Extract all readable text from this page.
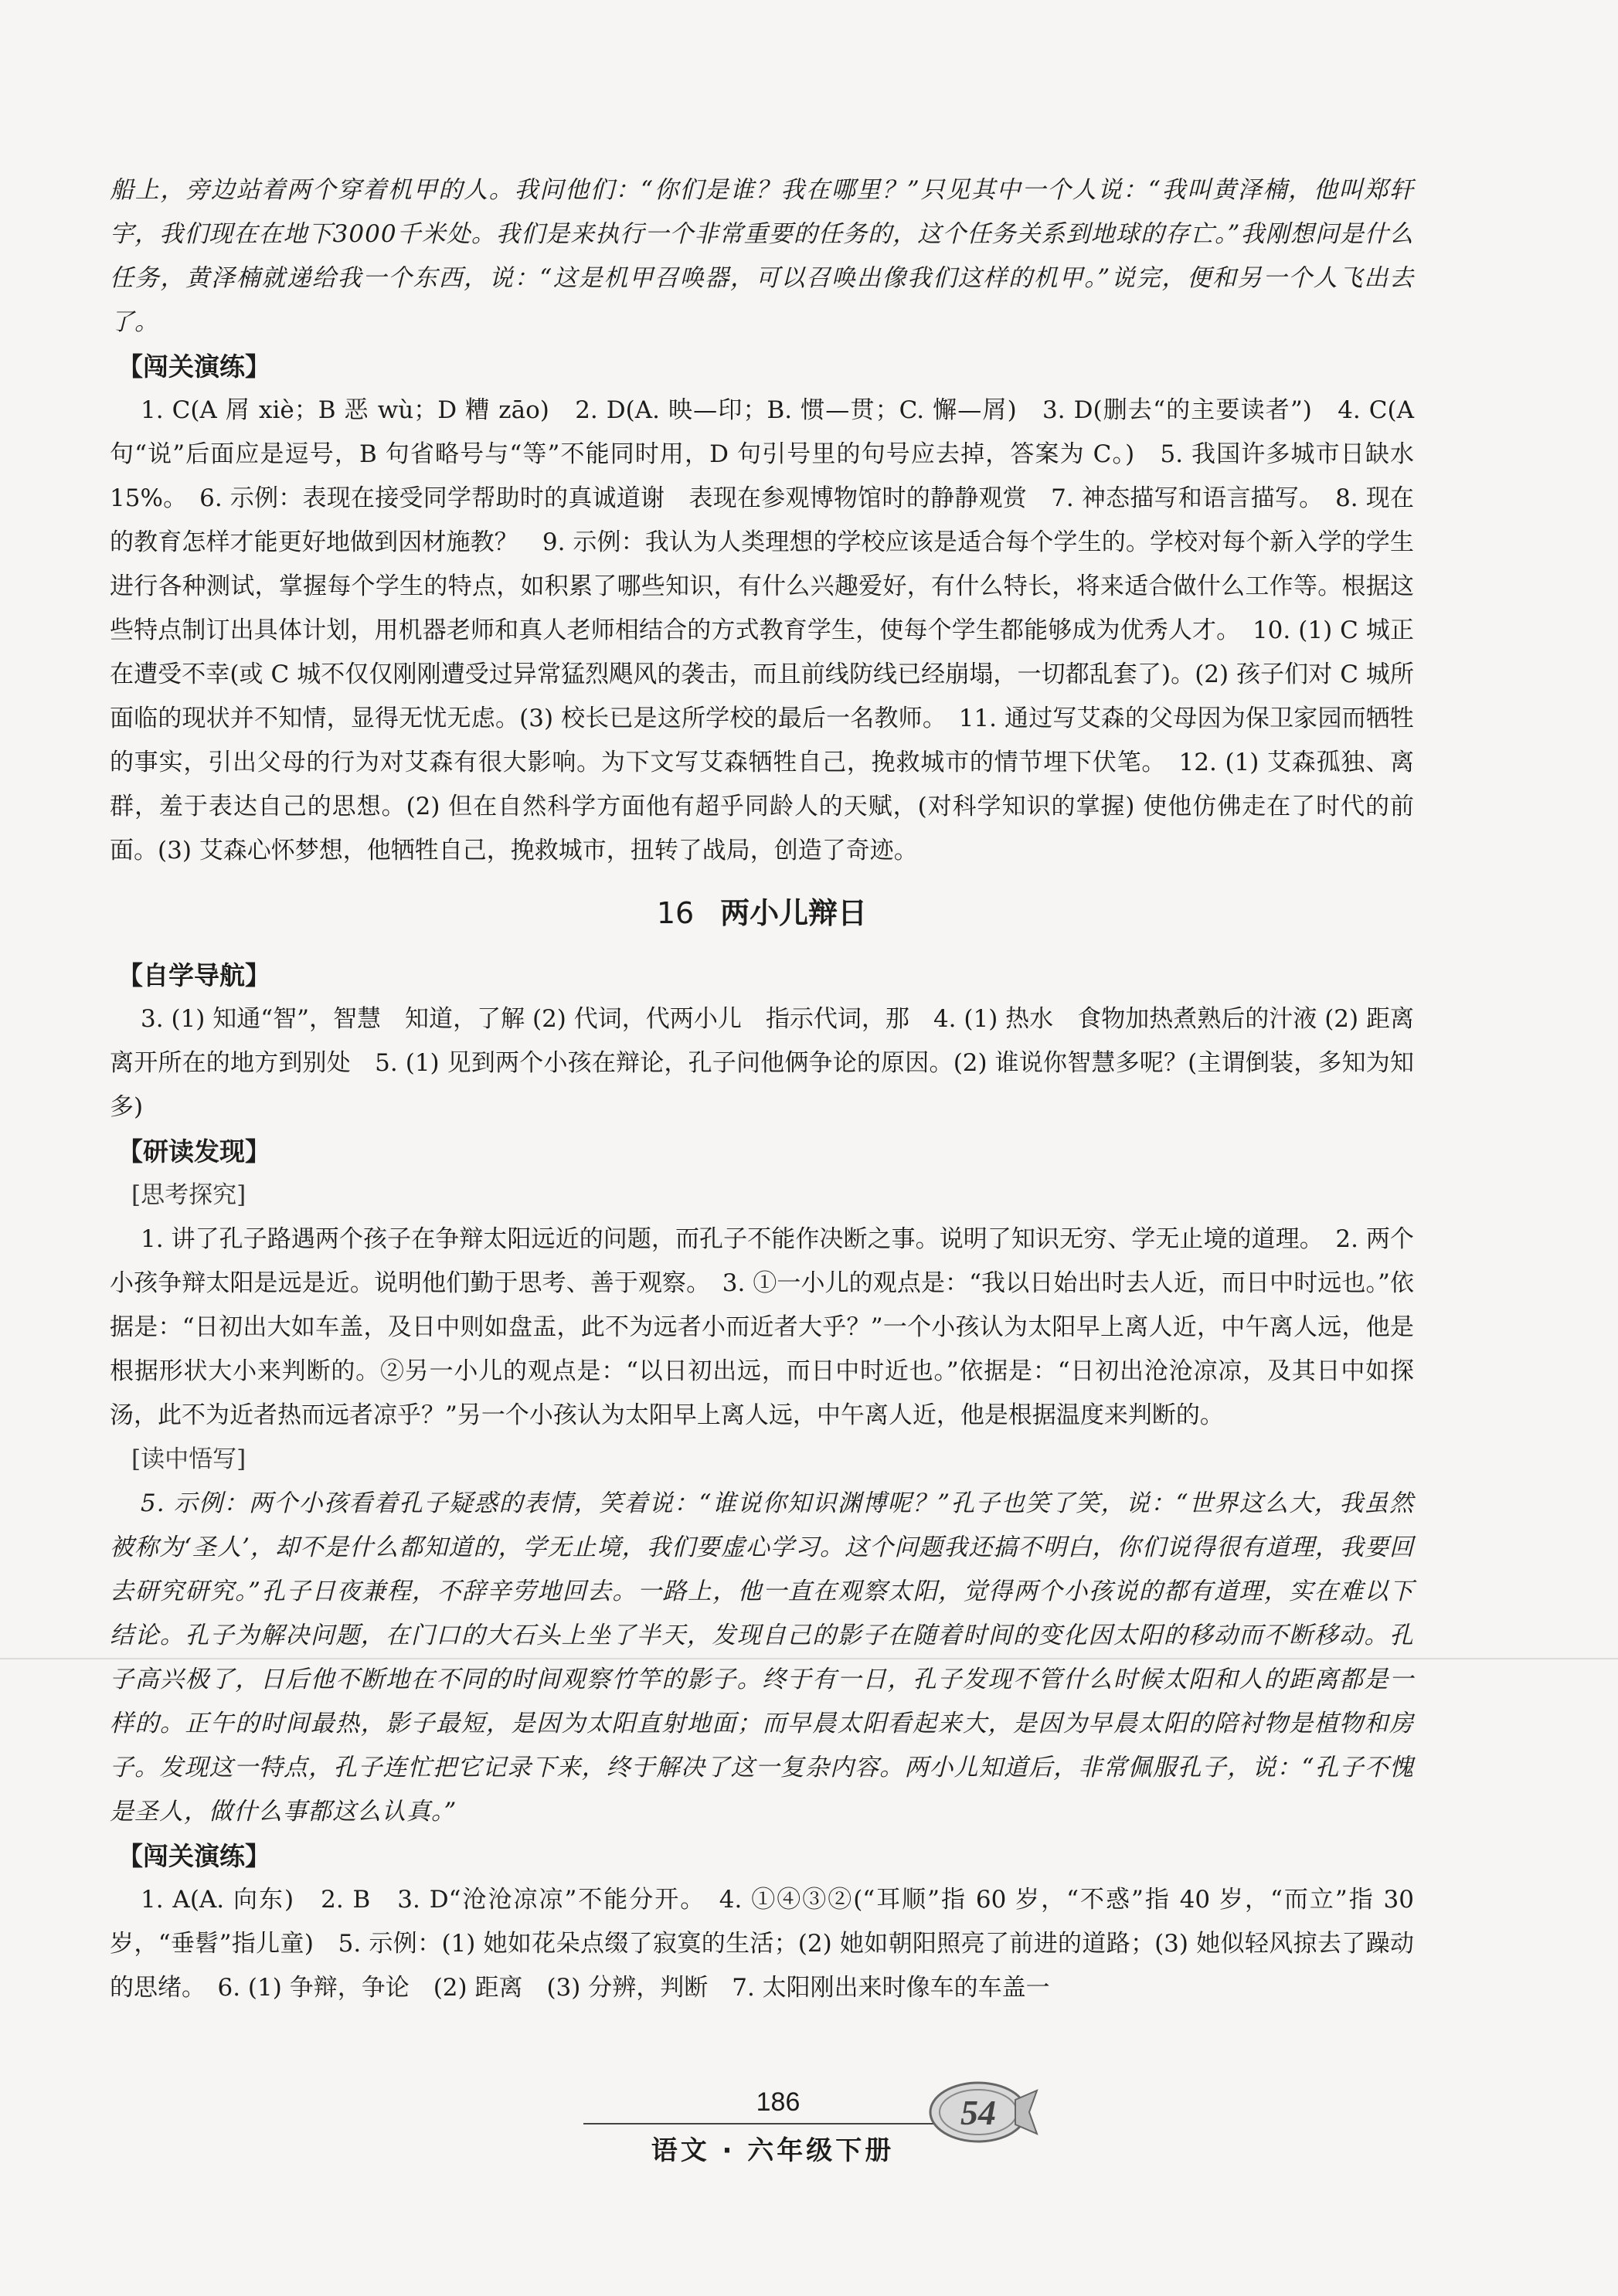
船上，旁边站着两个穿着机甲的人。我问他们：“你们是谁？我在哪里？”只见其中一个人说：“我叫黄泽楠，他叫郑轩宇，我们现在在地下3000千米处。我们是来执行一个非常重要的任务的，这个任务关系到地球的存亡。”我刚想问是什么任务，黄泽楠就递给我一个东西，说：“这是机甲召唤器，可以召唤出像我们这样的机甲。”说完，便和另一个人飞出去了。

【闯关演练】

1. C(A 屑 xiè；B 恶 wù；D 糟 zāo)　2. D(A. 映—印；B. 惯—贯；C. 懈—屑)　3. D(删去“的主要读者”)　4. C(A 句“说”后面应是逗号，B 句省略号与“等”不能同时用，D 句引号里的句号应去掉，答案为 C。)　5. 我国许多城市日缺水 15%。　6. 示例：表现在接受同学帮助时的真诚道谢　表现在参观博物馆时的静静观赏　7. 神态描写和语言描写。　8. 现在的教育怎样才能更好地做到因材施教？　9. 示例：我认为人类理想的学校应该是适合每个学生的。学校对每个新入学的学生进行各种测试，掌握每个学生的特点，如积累了哪些知识，有什么兴趣爱好，有什么特长，将来适合做什么工作等。根据这些特点制订出具体计划，用机器老师和真人老师相结合的方式教育学生，使每个学生都能够成为优秀人才。　10. (1) C 城正在遭受不幸(或 C 城不仅仅刚刚遭受过异常猛烈飓风的袭击，而且前线防线已经崩塌，一切都乱套了)。(2) 孩子们对 C 城所面临的现状并不知情，显得无忧无虑。(3) 校长已是这所学校的最后一名教师。　11. 通过写艾森的父母因为保卫家园而牺牲的事实，引出父母的行为对艾森有很大影响。为下文写艾森牺牲自己，挽救城市的情节埋下伏笔。　12. (1) 艾森孤独、离群，羞于表达自己的思想。(2) 但在自然科学方面他有超乎同龄人的天赋，(对科学知识的掌握) 使他仿佛走在了时代的前面。(3) 艾森心怀梦想，他牺牲自己，挽救城市，扭转了战局，创造了奇迹。

16 两小儿辩日
【自学导航】

3. (1) 知通“智”，智慧　知道，了解 (2) 代词，代两小儿　指示代词，那　4. (1) 热水　食物加热煮熟后的汁液 (2) 距离　离开所在的地方到别处　5. (1) 见到两个小孩在辩论，孔子问他俩争论的原因。(2) 谁说你智慧多呢？(主谓倒装，多知为知多)

【研读发现】
[思考探究]

1. 讲了孔子路遇两个孩子在争辩太阳远近的问题，而孔子不能作决断之事。说明了知识无穷、学无止境的道理。　2. 两个小孩争辩太阳是远是近。说明他们勤于思考、善于观察。　3. ①一小儿的观点是：“我以日始出时去人近，而日中时远也。”依据是：“日初出大如车盖，及日中则如盘盂，此不为远者小而近者大乎？”一个小孩认为太阳早上离人近，中午离人远，他是根据形状大小来判断的。②另一小儿的观点是：“以日初出远，而日中时近也。”依据是：“日初出沧沧凉凉，及其日中如探汤，此不为近者热而远者凉乎？”另一个小孩认为太阳早上离人远，中午离人近，他是根据温度来判断的。

[读中悟写]

5. 示例：两个小孩看着孔子疑惑的表情，笑着说：“谁说你知识渊博呢？”孔子也笑了笑，说：“世界这么大，我虽然被称为‘圣人’，却不是什么都知道的，学无止境，我们要虚心学习。这个问题我还搞不明白，你们说得很有道理，我要回去研究研究。”孔子日夜兼程，不辞辛劳地回去。一路上，他一直在观察太阳，觉得两个小孩说的都有道理，实在难以下结论。孔子为解决问题，在门口的大石头上坐了半天，发现自己的影子在随着时间的变化因太阳的移动而不断移动。孔子高兴极了，日后他不断地在不同的时间观察竹竿的影子。终于有一日，孔子发现不管什么时候太阳和人的距离都是一样的。正午的时间最热，影子最短，是因为太阳直射地面；而早晨太阳看起来大，是因为早晨太阳的陪衬物是植物和房子。发现这一特点，孔子连忙把它记录下来，终于解决了这一复杂内容。两小儿知道后，非常佩服孔子，说：“孔子不愧是圣人，做什么事都这么认真。”

【闯关演练】

1. A(A. 向东)　2. B　3. D“沧沧凉凉”不能分开。　4. ①④③②(“耳顺”指 60 岁，“不惑”指 40 岁，“而立”指 30 岁，“垂髫”指儿童)　5. 示例：(1) 她如花朵点缀了寂寞的生活；(2) 她如朝阳照亮了前进的道路；(3) 她似轻风掠去了躁动的思绪。　6. (1) 争辩，争论　(2) 距离　(3) 分辨，判断　7. 太阳刚出来时像车的车盖一

186
语文 · 六年级下册
54
